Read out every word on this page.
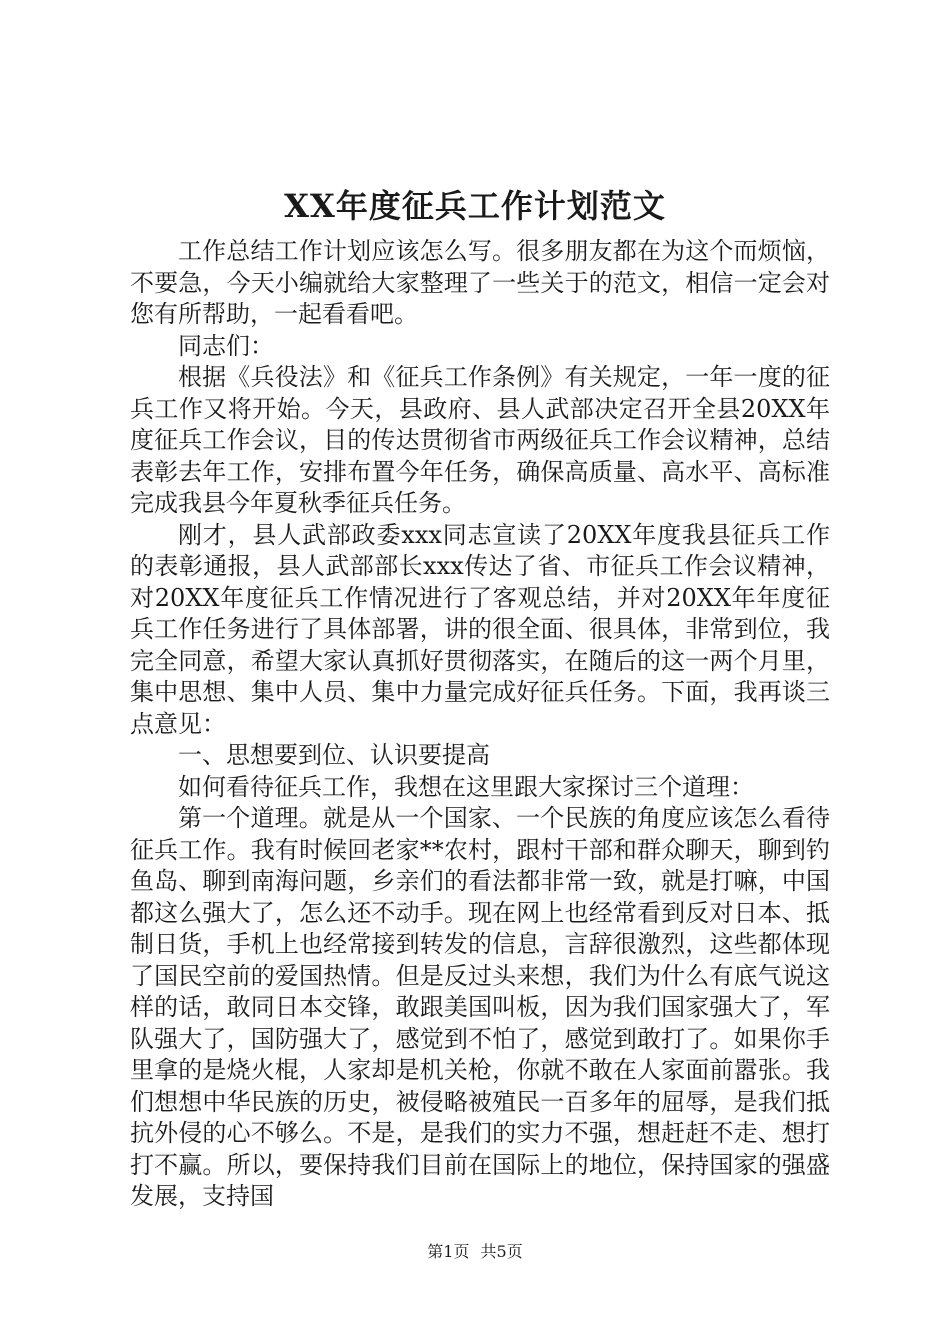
XX年度征兵工作计划范文

工作总结工作计划应该怎么写。很多朋友都在为这个而烦恼，不要急，今天小编就给大家整理了一些关于的范文，相信一定会对您有所帮助，一起看看吧。

同志们：

根据《兵役法》和《征兵工作条例》有关规定，一年一度的征兵工作又将开始。今天，县政府、县人武部决定召开全县20XX年度征兵工作会议，目的传达贯彻省市两级征兵工作会议精神，总结表彰去年工作，安排布置今年任务，确保高质量、高水平、高标准完成我县今年夏秋季征兵任务。

刚才，县人武部政委xxx同志宣读了20XX年度我县征兵工作的表彰通报，县人武部部长xxx传达了省、市征兵工作会议精神，对20XX年度征兵工作情况进行了客观总结，并对20XX年年度征兵工作任务进行了具体部署，讲的很全面、很具体，非常到位，我完全同意，希望大家认真抓好贯彻落实，在随后的这一两个月里，集中思想、集中人员、集中力量完成好征兵任务。下面，我再谈三点意见：

一、思想要到位、认识要提高

如何看待征兵工作，我想在这里跟大家探讨三个道理：

第一个道理。就是从一个国家、一个民族的角度应该怎么看待征兵工作。我有时候回老家**农村，跟村干部和群众聊天，聊到钓鱼岛、聊到南海问题，乡亲们的看法都非常一致，就是打嘛，中国都这么强大了，怎么还不动手。现在网上也经常看到反对日本、抵制日货，手机上也经常接到转发的信息，言辞很激烈，这些都体现了国民空前的爱国热情。但是反过头来想，我们为什么有底气说这样的话，敢同日本交锋，敢跟美国叫板，因为我们国家强大了，军队强大了，国防强大了，感觉到不怕了，感觉到敢打了。如果你手里拿的是烧火棍，人家却是机关枪，你就不敢在人家面前嚣张。我们想想中华民族的历史，被侵略被殖民一百多年的屈辱，是我们抵抗外侵的心不够么。不是，是我们的实力不强，想赶赶不走、想打打不赢。所以，要保持我们目前在国际上的地位，保持国家的强盛发展，支持国

第1页 共5页
